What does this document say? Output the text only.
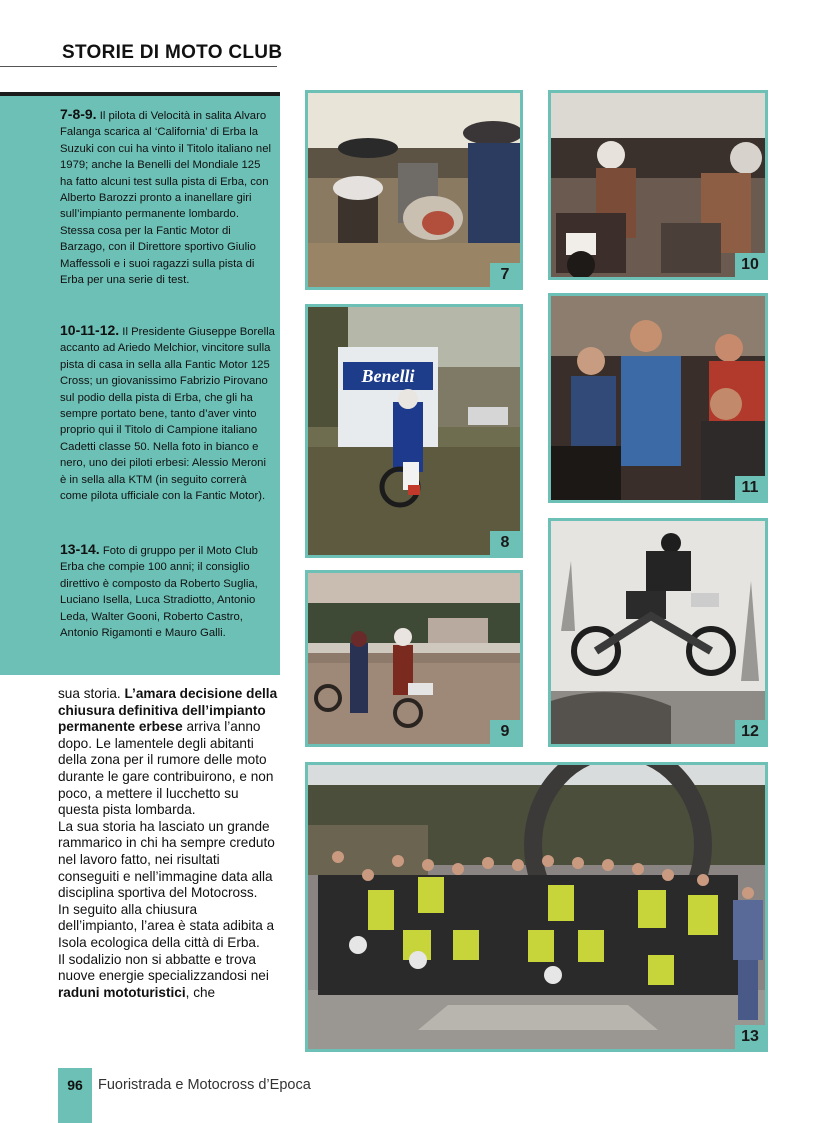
STORIE DI MOTO CLUB

7-8-9. Il pilota di Velocità in salita Alvaro Falanga scarica al ‘California’ di Erba la Suzuki con cui ha vinto il Titolo italiano nel 1979; anche la Benelli del Mondiale 125 ha fatto alcuni test sulla pista di Erba, con Alberto Barozzi pronto a inanellare giri sull’impianto permanente lombardo. Stessa cosa per la Fantic Motor di Barzago, con il Direttore sportivo Giulio Maffessoli e i suoi ragazzi sulla pista di Erba per una serie di test.

10-11-12. Il Presidente Giuseppe Borella accanto ad Ariedo Melchior, vincitore sulla pista di casa in sella alla Fantic Motor 125 Cross; un giovanissimo Fabrizio Pirovano sul podio della pista di Erba, che gli ha sempre portato bene, tanto d’aver vinto proprio qui il Titolo di Campione italiano Cadetti classe 50. Nella foto in bianco e nero, uno dei piloti erbesi: Alessio Meroni è in sella alla KTM (in seguito correrà come pilota ufficiale con la Fantic Motor).

13-14. Foto di gruppo per il Moto Club Erba che compie 100 anni; il consiglio direttivo è composto da Roberto Suglia, Luciano Isella, Luca Stradiotto, Antonio Leda, Walter Gooni, Roberto Castro, Antonio Rigamonti e Mauro Galli.

sua storia. L’amara decisione della chiusura definitiva dell’impianto permanente erbese arriva l’anno dopo. Le lamentele degli abitanti della zona per il rumore delle moto durante le gare contribuirono, e non poco, a mettere il lucchetto su questa pista lombarda.
La sua storia ha lasciato un grande rammarico in chi ha sempre creduto nel lavoro fatto, nei risultati conseguiti e nell’immagine data alla disciplina sportiva del Motocross.
In seguito alla chiusura dell’impianto, l’area è stata adibita a Isola ecologica della città di Erba.
Il sodalizio non si abbatte e trova nuove energie specializzandosi nei raduni mototuristici, che
7
10
Benelli
8
11
9	12
13
96	Fuoristrada e Motocross d’Epoca
